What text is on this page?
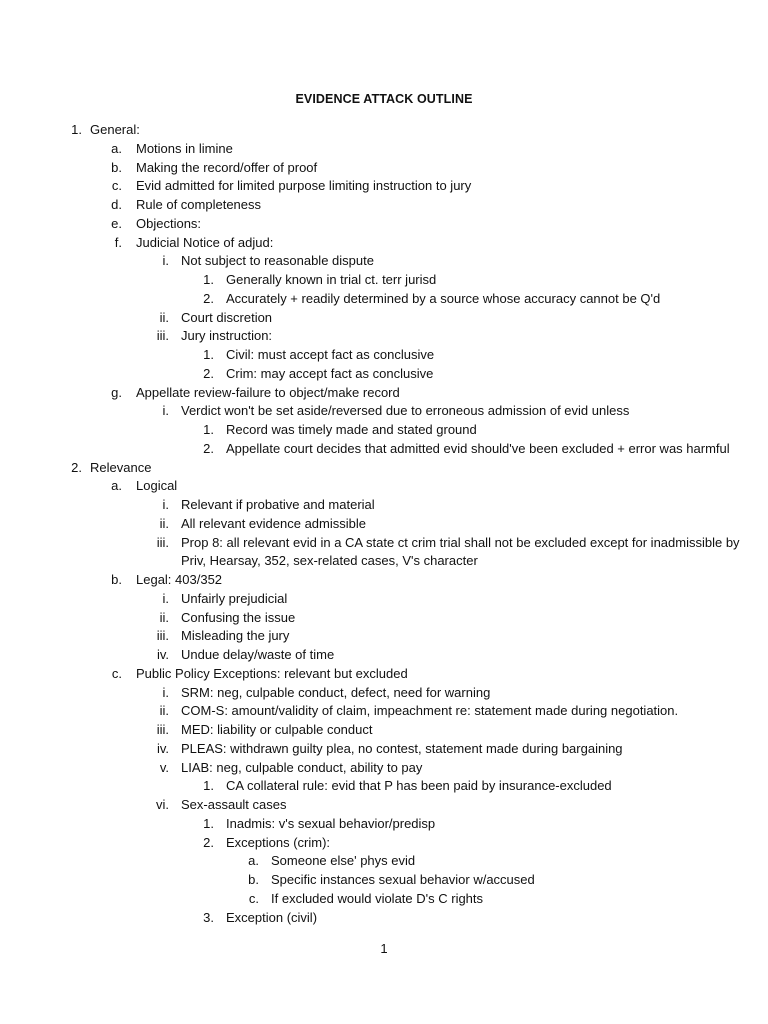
EVIDENCE ATTACK OUTLINE
1. General:
a. Motions in limine
b. Making the record/offer of proof
c. Evid admitted for limited purpose limiting instruction to jury
d. Rule of completeness
e. Objections:
f. Judicial Notice of adjud:
i. Not subject to reasonable dispute
1. Generally known in trial ct. terr jurisd
2. Accurately + readily determined by a source whose accuracy cannot be Q'd
ii. Court discretion
iii. Jury instruction:
1. Civil: must accept fact as conclusive
2. Crim: may accept fact as conclusive
g. Appellate review-failure to object/make record
i. Verdict won't be set aside/reversed due to erroneous admission of evid unless
1. Record was timely made and stated ground
2. Appellate court decides that admitted evid should've been excluded + error was harmful
2. Relevance
a. Logical
i. Relevant if probative and material
ii. All relevant evidence admissible
iii. Prop 8: all relevant evid in a CA state ct crim trial shall not be excluded except for inadmissible by
Priv, Hearsay, 352, sex-related cases, V's character
b. Legal: 403/352
i. Unfairly prejudicial
ii. Confusing the issue
iii. Misleading the jury
iv. Undue delay/waste of time
c. Public Policy Exceptions: relevant but excluded
i. SRM: neg, culpable conduct, defect, need for warning
ii. COM-S: amount/validity of claim, impeachment re: statement made during negotiation.
iii. MED: liability or culpable conduct
iv. PLEAS: withdrawn guilty plea, no contest, statement made during bargaining
v. LIAB: neg, culpable conduct, ability to pay
1. CA collateral rule: evid that P has been paid by insurance-excluded
vi. Sex-assault cases
1. Inadmis: v's sexual behavior/predisp
2. Exceptions (crim):
a. Someone else' phys evid
b. Specific instances sexual behavior w/accused
c. If excluded would violate D's C rights
3. Exception (civil)
1
